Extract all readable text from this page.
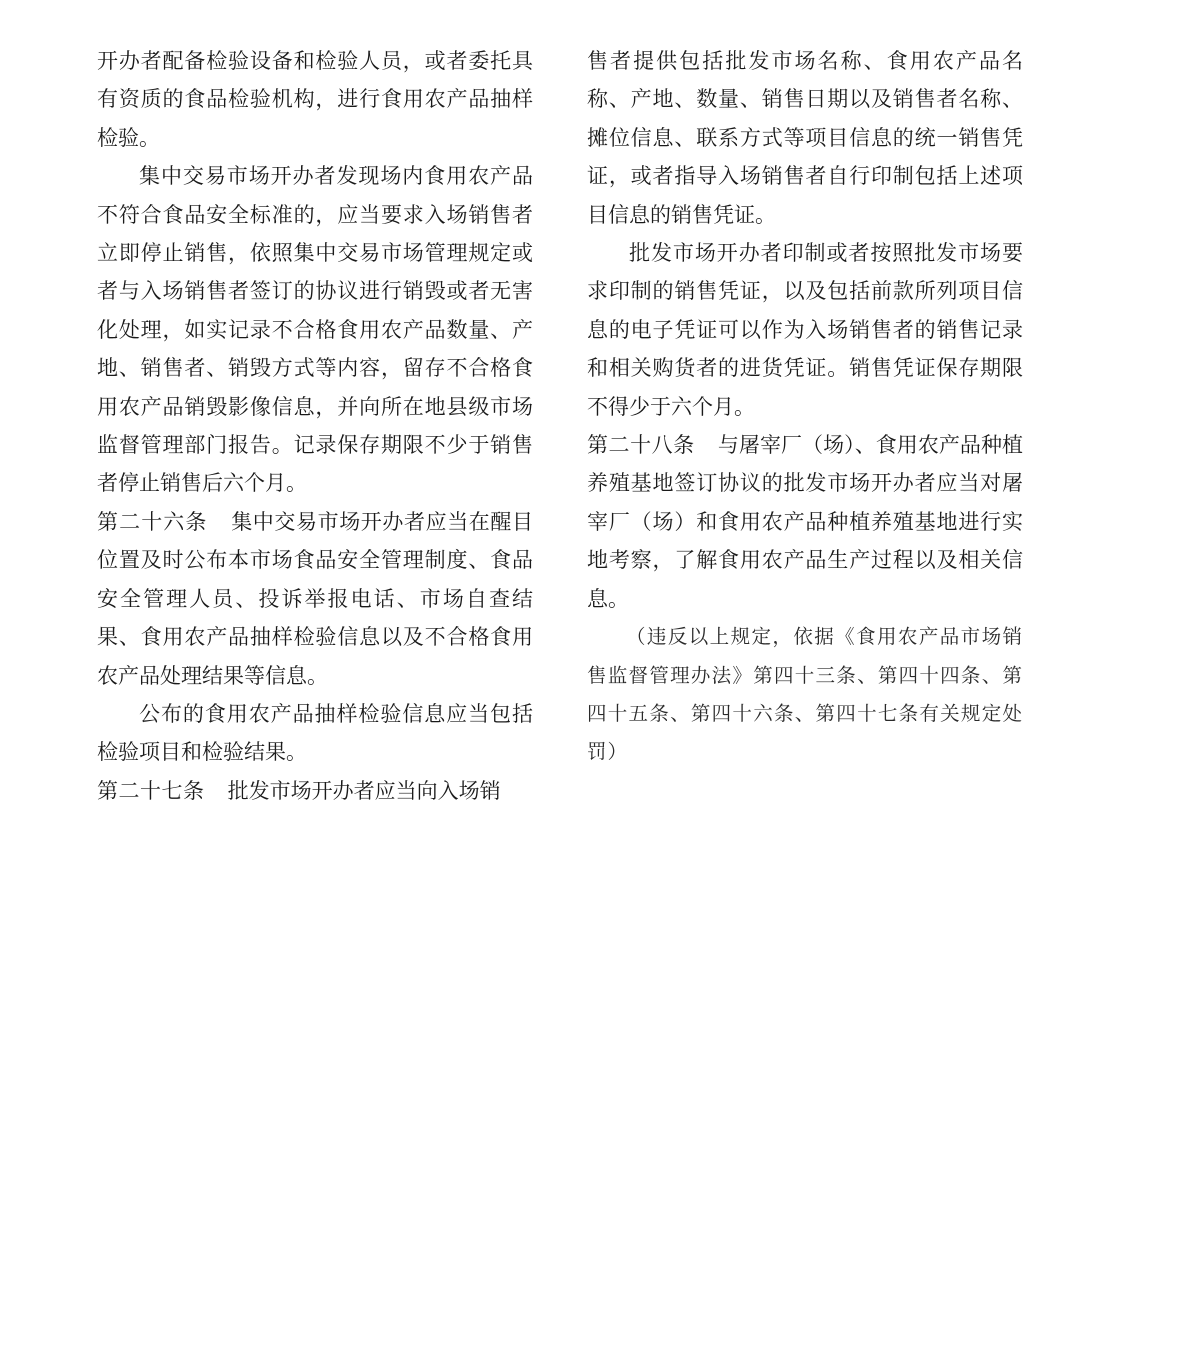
开办者配备检验设备和检验人员，或者委托具有资质的食品检验机构，进行食用农产品抽样检验。

集中交易市场开办者发现场内食用农产品不符合食品安全标准的，应当要求入场销售者立即停止销售，依照集中交易市场管理规定或者与入场销售者签订的协议进行销毁或者无害化处理，如实记录不合格食用农产品数量、产地、销售者、销毁方式等内容，留存不合格食用农产品销毁影像信息，并向所在地县级市场监督管理部门报告。记录保存期限不少于销售者停止销售后六个月。

第二十六条 集中交易市场开办者应当在醒目位置及时公布本市场食品安全管理制度、食品安全管理人员、投诉举报电话、市场自查结果、食用农产品抽样检验信息以及不合格食用农产品处理结果等信息。

公布的食用农产品抽样检验信息应当包括检验项目和检验结果。

第二十七条 批发市场开办者应当向入场销

售者提供包括批发市场名称、食用农产品名称、产地、数量、销售日期以及销售者名称、摊位信息、联系方式等项目信息的统一销售凭证，或者指导入场销售者自行印制包括上述项目信息的销售凭证。

批发市场开办者印制或者按照批发市场要求印制的销售凭证，以及包括前款所列项目信息的电子凭证可以作为入场销售者的销售记录和相关购货者的进货凭证。销售凭证保存期限不得少于六个月。

第二十八条 与屠宰厂（场）、食用农产品种植养殖基地签订协议的批发市场开办者应当对屠宰厂（场）和食用农产品种植养殖基地进行实地考察，了解食用农产品生产过程以及相关信息。

（违反以上规定，依据《食用农产品市场销售监督管理办法》第四十三条、第四十四条、第四十五条、第四十六条、第四十七条有关规定处罚）
